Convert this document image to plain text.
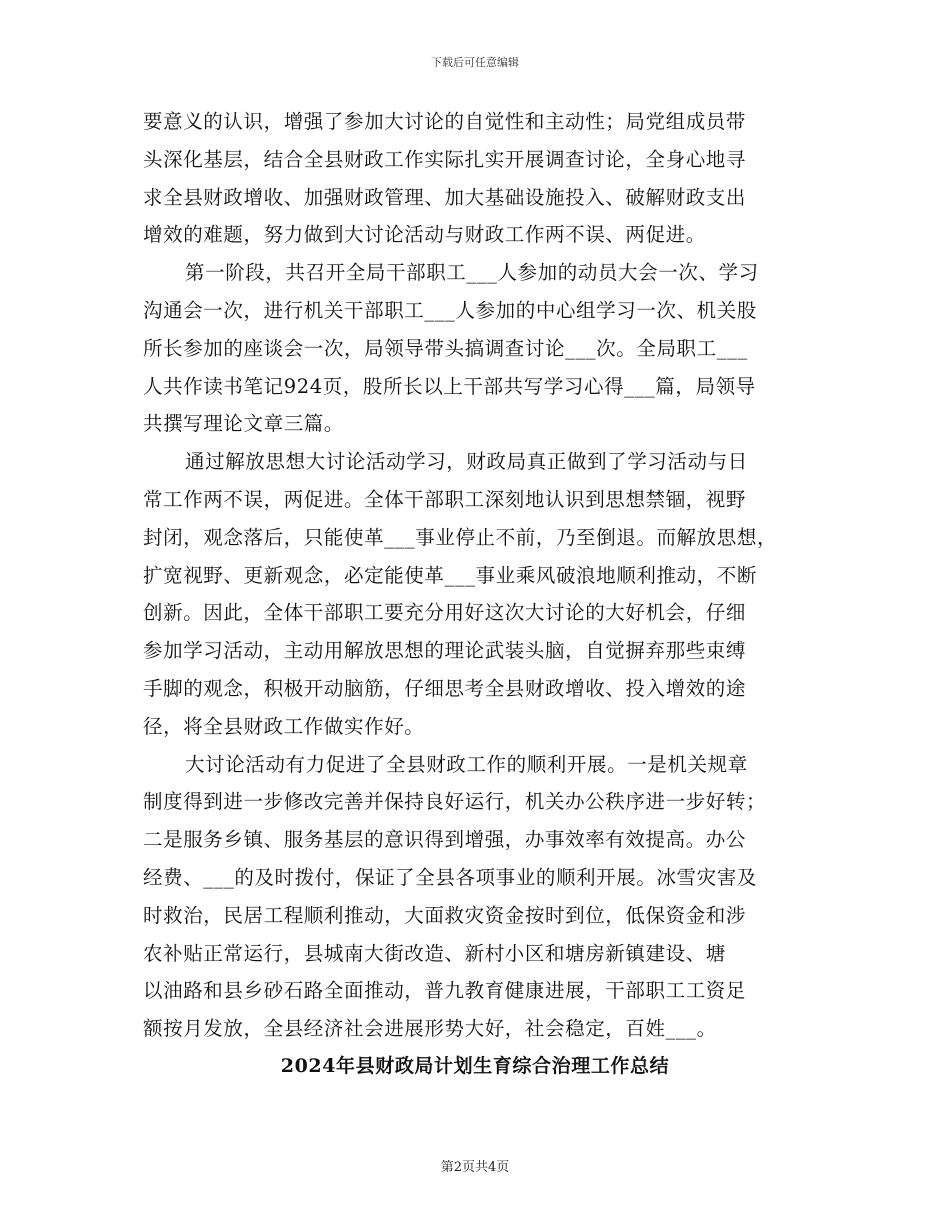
下载后可任意编辑
要意义的认识，增强了参加大讨论的自觉性和主动性；局党组成员带
头深化基层，结合全县财政工作实际扎实开展调查讨论，全身心地寻
求全县财政增收、加强财政管理、加大基础设施投入、破解财政支出
增效的难题，努力做到大讨论活动与财政工作两不误、两促进。
第一阶段，共召开全局干部职工___人参加的动员大会一次、学习
沟通会一次，进行机关干部职工___人参加的中心组学习一次、机关股
所长参加的座谈会一次，局领导带头搞调查讨论___次。全局职工___
人共作读书笔记924页，股所长以上干部共写学习心得___篇，局领导
共撰写理论文章三篇。
通过解放思想大讨论活动学习，财政局真正做到了学习活动与日
常工作两不误，两促进。全体干部职工深刻地认识到思想禁锢，视野
封闭，观念落后，只能使革___事业停止不前，乃至倒退。而解放思想，
扩宽视野、更新观念，必定能使革___事业乘风破浪地顺利推动，不断
创新。因此，全体干部职工要充分用好这次大讨论的大好机会，仔细
参加学习活动，主动用解放思想的理论武装头脑，自觉摒弃那些束缚
手脚的观念，积极开动脑筋，仔细思考全县财政增收、投入增效的途
径，将全县财政工作做实作好。
大讨论活动有力促进了全县财政工作的顺利开展。一是机关规章
制度得到进一步修改完善并保持良好运行，机关办公秩序进一步好转；
二是服务乡镇、服务基层的意识得到增强，办事效率有效提高。办公
经费、___的及时拨付，保证了全县各项事业的顺利开展。冰雪灾害及
时救治，民居工程顺利推动，大面救灾资金按时到位，低保资金和涉
农补贴正常运行，县城南大街改造、新村小区和塘房新镇建设、塘
以油路和县乡砂石路全面推动，普九教育健康进展，干部职工工资足
额按月发放，全县经济社会进展形势大好，社会稳定，百姓___。
2024年县财政局计划生育综合治理工作总结
第2页共4页
